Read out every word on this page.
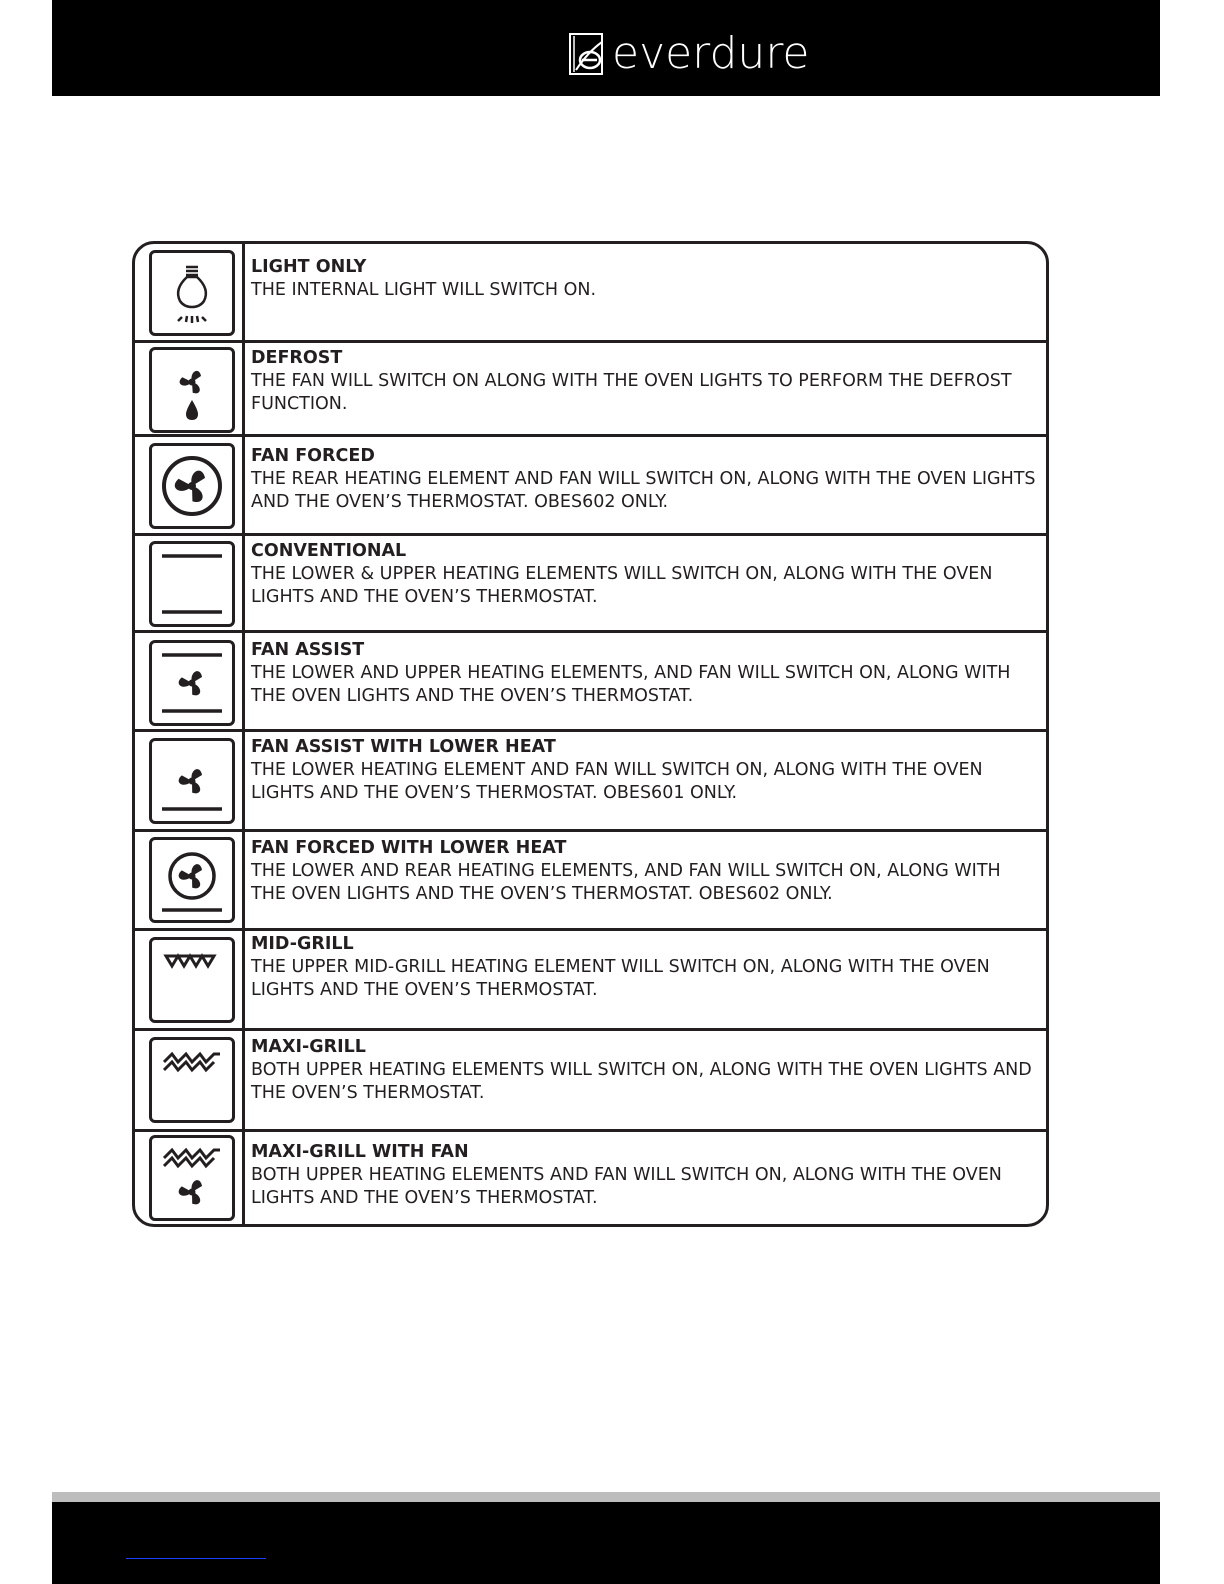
everdure
LIGHT ONLY
THE INTERNAL LIGHT WILL SWITCH ON.
DEFROST
THE FAN WILL SWITCH ON ALONG WITH THE OVEN LIGHTS TO PERFORM THE DEFROST FUNCTION.
FAN FORCED
THE REAR HEATING ELEMENT AND FAN WILL SWITCH ON, ALONG WITH THE OVEN LIGHTS AND THE OVEN’S THERMOSTAT. OBES602 ONLY.
CONVENTIONAL
THE LOWER & UPPER HEATING ELEMENTS WILL SWITCH ON, ALONG WITH THE OVEN LIGHTS AND THE OVEN’S THERMOSTAT.
FAN ASSIST
THE LOWER AND UPPER HEATING ELEMENTS, AND FAN WILL SWITCH ON, ALONG WITH THE OVEN LIGHTS AND THE OVEN’S THERMOSTAT.
FAN ASSIST WITH LOWER HEAT
THE LOWER HEATING ELEMENT AND FAN WILL SWITCH ON, ALONG WITH THE OVEN LIGHTS AND THE OVEN’S THERMOSTAT. OBES601 ONLY.
FAN FORCED WITH LOWER HEAT
THE LOWER AND REAR HEATING ELEMENTS, AND FAN WILL SWITCH ON, ALONG WITH THE OVEN LIGHTS AND THE OVEN’S THERMOSTAT. OBES602 ONLY.
MID-GRILL
THE UPPER MID-GRILL HEATING ELEMENT WILL SWITCH ON, ALONG WITH THE OVEN LIGHTS AND THE OVEN’S THERMOSTAT.
MAXI-GRILL
BOTH UPPER HEATING ELEMENTS WILL SWITCH ON, ALONG WITH THE OVEN LIGHTS AND THE OVEN’S THERMOSTAT.
MAXI-GRILL WITH FAN
BOTH UPPER HEATING ELEMENTS AND FAN WILL SWITCH ON, ALONG WITH THE OVEN LIGHTS AND THE OVEN’S THERMOSTAT.
